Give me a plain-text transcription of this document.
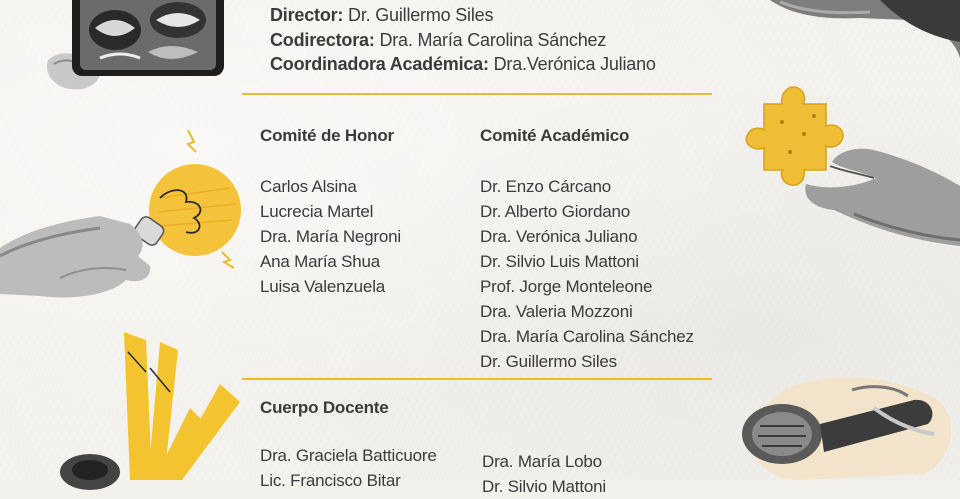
Director: Dr. Guillermo Siles
Codirectora: Dra. María Carolina Sánchez
Coordinadora Académica: Dra.Verónica Juliano
Comité de Honor
Carlos Alsina
Lucrecia Martel
Dra. María Negroni
Ana María Shua
Luisa Valenzuela
Comité Académico
Dr. Enzo Cárcano
Dr. Alberto Giordano
Dra. Verónica Juliano
Dr. Silvio Luis Mattoni
Prof. Jorge Monteleone
Dra. Valeria Mozzoni
Dra. María Carolina Sánchez
Dr. Guillermo Siles
Cuerpo Docente
Dra. Graciela Batticuore
Lic. Francisco Bitar
Dra. María Lobo
Dr. Silvio Mattoni
